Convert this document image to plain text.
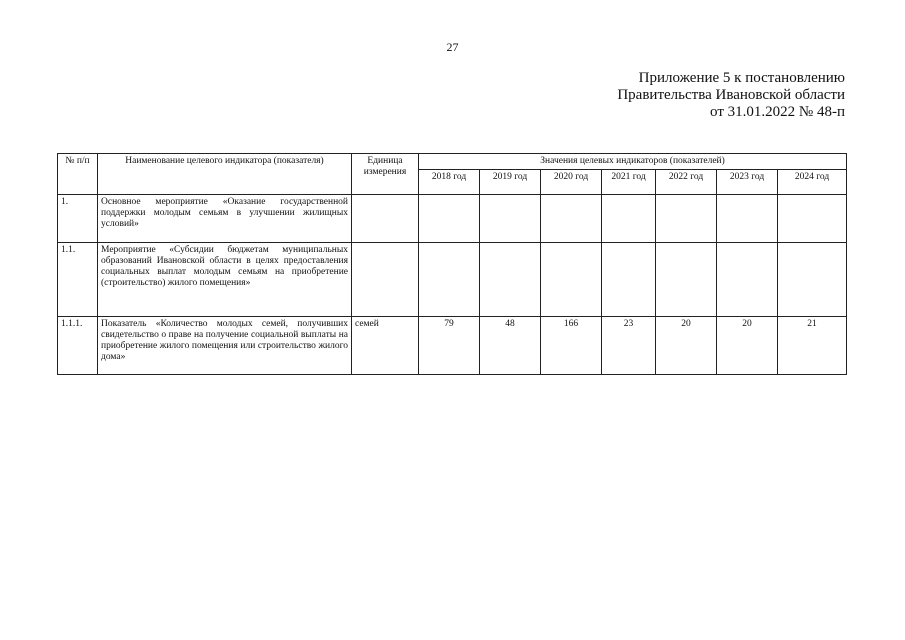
27
Приложение 5 к постановлению
Правительства Ивановской области
от 31.01.2022 № 48-п
№ п/п	Наименование целевого индикатора (показателя)	Единица измерения	Значения целевых индикаторов (показателей)						
			2018 год	2019 год	2020 год	2021 год	2022 год	2023 год	2024 год
1.	Основное мероприятие «Оказание государственной поддержки молодым семьям в улучшении жилищных условий»								
1.1.	Мероприятие «Субсидии бюджетам муниципальных образований Ивановской области в целях предоставления социальных выплат молодым семьям на приобретение (строительство) жилого помещения»								
1.1.1.	Показатель «Количество молодых семей, получивших свидетельство о праве на получение социальной выплаты на приобретение жилого помещения или строительство жилого дома»	семей	79	48	166	23	20	20	21
